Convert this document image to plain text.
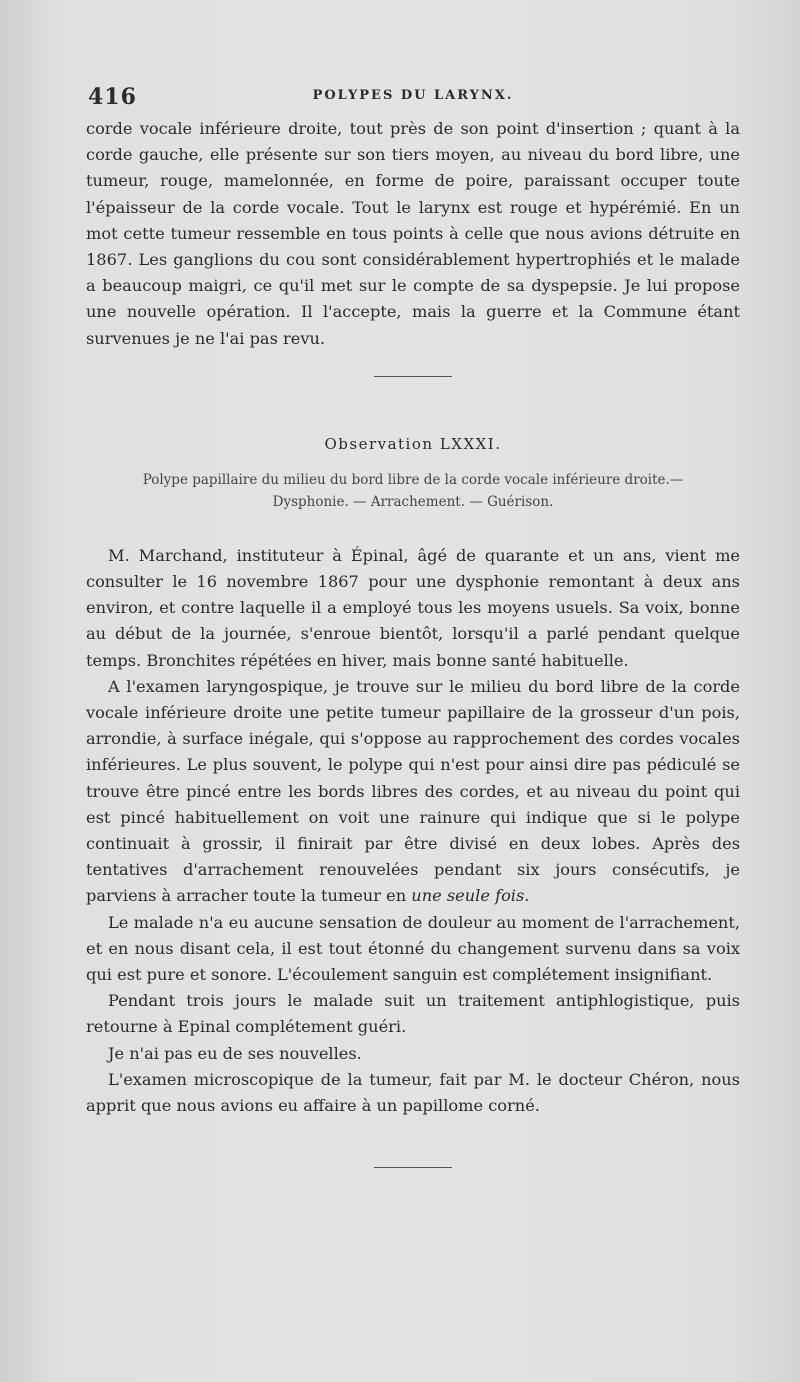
416	POLYPES DU LARYNX.

corde vocale inférieure droite, tout près de son point d'insertion ; quant à la corde gauche, elle présente sur son tiers moyen, au niveau du bord libre, une tumeur, rouge, mamelonnée, en forme de poire, paraissant occuper toute l'épaisseur de la corde vocale. Tout le larynx est rouge et hypérémié. En un mot cette tumeur ressemble en tous points à celle que nous avions détruite en 1867. Les ganglions du cou sont considérablement hypertrophiés et le malade a beaucoup maigri, ce qu'il met sur le compte de sa dyspepsie. Je lui propose une nouvelle opération. Il l'accepte, mais la guerre et la Commune étant survenues je ne l'ai pas revu.

Observation LXXXI.
Polype papillaire du milieu du bord libre de la corde vocale inférieure droite.—
Dysphonie. — Arrachement. — Guérison.

M. Marchand, instituteur à Épinal, âgé de quarante et un ans, vient me consulter le 16 novembre 1867 pour une dysphonie remontant à deux ans environ, et contre laquelle il a employé tous les moyens usuels. Sa voix, bonne au début de la journée, s'enroue bientôt, lorsqu'il a parlé pendant quelque temps. Bronchites répétées en hiver, mais bonne santé habituelle.

A l'examen laryngospique, je trouve sur le milieu du bord libre de la corde vocale inférieure droite une petite tumeur papillaire de la grosseur d'un pois, arrondie, à surface inégale, qui s'oppose au rapprochement des cordes vocales inférieures. Le plus souvent, le polype qui n'est pour ainsi dire pas pédiculé se trouve être pincé entre les bords libres des cordes, et au niveau du point qui est pincé habituellement on voit une rainure qui indique que si le polype continuait à grossir, il finirait par être divisé en deux lobes. Après des tentatives d'arrachement renouvelées pendant six jours consécutifs, je parviens à arracher toute la tumeur en une seule fois.

Le malade n'a eu aucune sensation de douleur au moment de l'arrachement, et en nous disant cela, il est tout étonné du changement survenu dans sa voix qui est pure et sonore. L'écoulement sanguin est complétement insignifiant.

Pendant trois jours le malade suit un traitement antiphlogistique, puis retourne à Epinal complétement guéri.

Je n'ai pas eu de ses nouvelles.

L'examen microscopique de la tumeur, fait par M. le docteur Chéron, nous apprit que nous avions eu affaire à un papillome corné.
